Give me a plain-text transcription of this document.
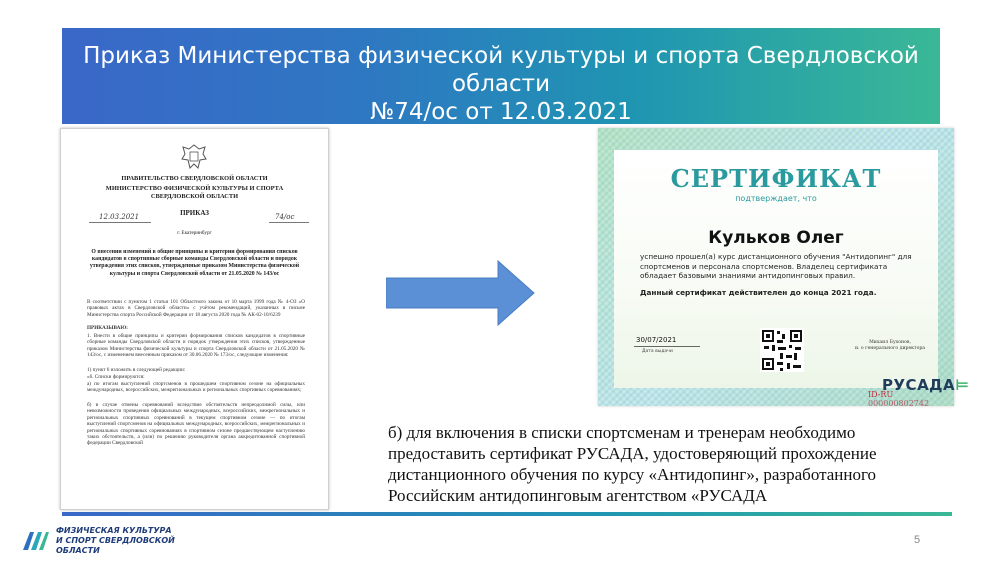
Приказ Министерства физической культуры и спорта Свердловской области
№74/ос от 12.03.2021
ПРАВИТЕЛЬСТВО СВЕРДЛОВСКОЙ ОБЛАСТИ
МИНИСТЕРСТВО ФИЗИЧЕСКОЙ КУЛЬТУРЫ И СПОРТА
СВЕРДЛОВСКОЙ ОБЛАСТИ
ПРИКАЗ
12.03.2021	74/ос
г. Екатеринбург
О внесении изменений в общие принципы и критерии формирования списков кандидатов в спортивные сборные команды Свердловской области и порядок утверждения этих списков, утвержденные приказом Министерства физической культуры и спорта Свердловской области от 21.05.2020 № 143/ос
В соответствии с пунктом 1 статьи 101 Областного закона от 10 марта 1999 года № 4-ОЗ «О правовых актах в Свердловской области» с учётом рекомендаций, указанных в письме Министерства спорта Российской Федерации от 18 августа 2020 года № АК-02-10/6239
ПРИКАЗЫВАЮ:
1. Внести в общие принципы и критерии формирования списков кандидатов в спортивные сборные команды Свердловской области и порядок утверждения этих списков, утвержденные приказом Министерства физической культуры и спорта Свердловской области от 21.05.2020 № 143/ос, с изменением внесенным приказом от 30.06.2020 № 173/ос, следующие изменения:
1) пункт 6 изложить в следующей редакции:
«6. Списки формируются:
а) по итогам выступлений спортсменов в прошедшем спортивном сезоне на официальных международных, всероссийских, межрегиональных и региональных спортивных соревнованиях;
б) в случае отмены соревнований вследствие обстоятельств непреодолимой силы, или невозможности проведения официальных международных, всероссийских, межрегиональных и региональных спортивных соревнований в текущем спортивном сезоне — по итогам выступлений спортсменов на официальных международных, всероссийских, межрегиональных и региональных спортивных соревнованиях в спортивном сезоне предшествующем наступлению таких обстоятельств, а (или) по решению руководителя органа аккредитованной спортивной федерации Свердловской
СЕРТИФИКАТ
подтверждает, что
Кульков Олег
успешно прошел(а) курс дистанционного обучения "Антидопинг" для спортсменов и персонала спортсменов. Владелец сертификата обладает базовыми знаниями антидопинговых правил.
Данный сертификат действителен до конца 2021 года.
30/07/2021
Дата выдачи
Михаил Бухонов,
и. о генерального директора
РУСАДА⊨
ID-RU 000000802742
б) для включения в списки спортсменам и тренерам необходимо
предоставить сертификат РУСАДА, удостоверяющий прохождение
дистанционного обучения по курсу «Антидопинг», разработанного
Российским антидопинговым агентством «РУСАДА
ФИЗИЧЕСКАЯ КУЛЬТУРА
И СПОРТ СВЕРДЛОВСКОЙ
ОБЛАСТИ
5
